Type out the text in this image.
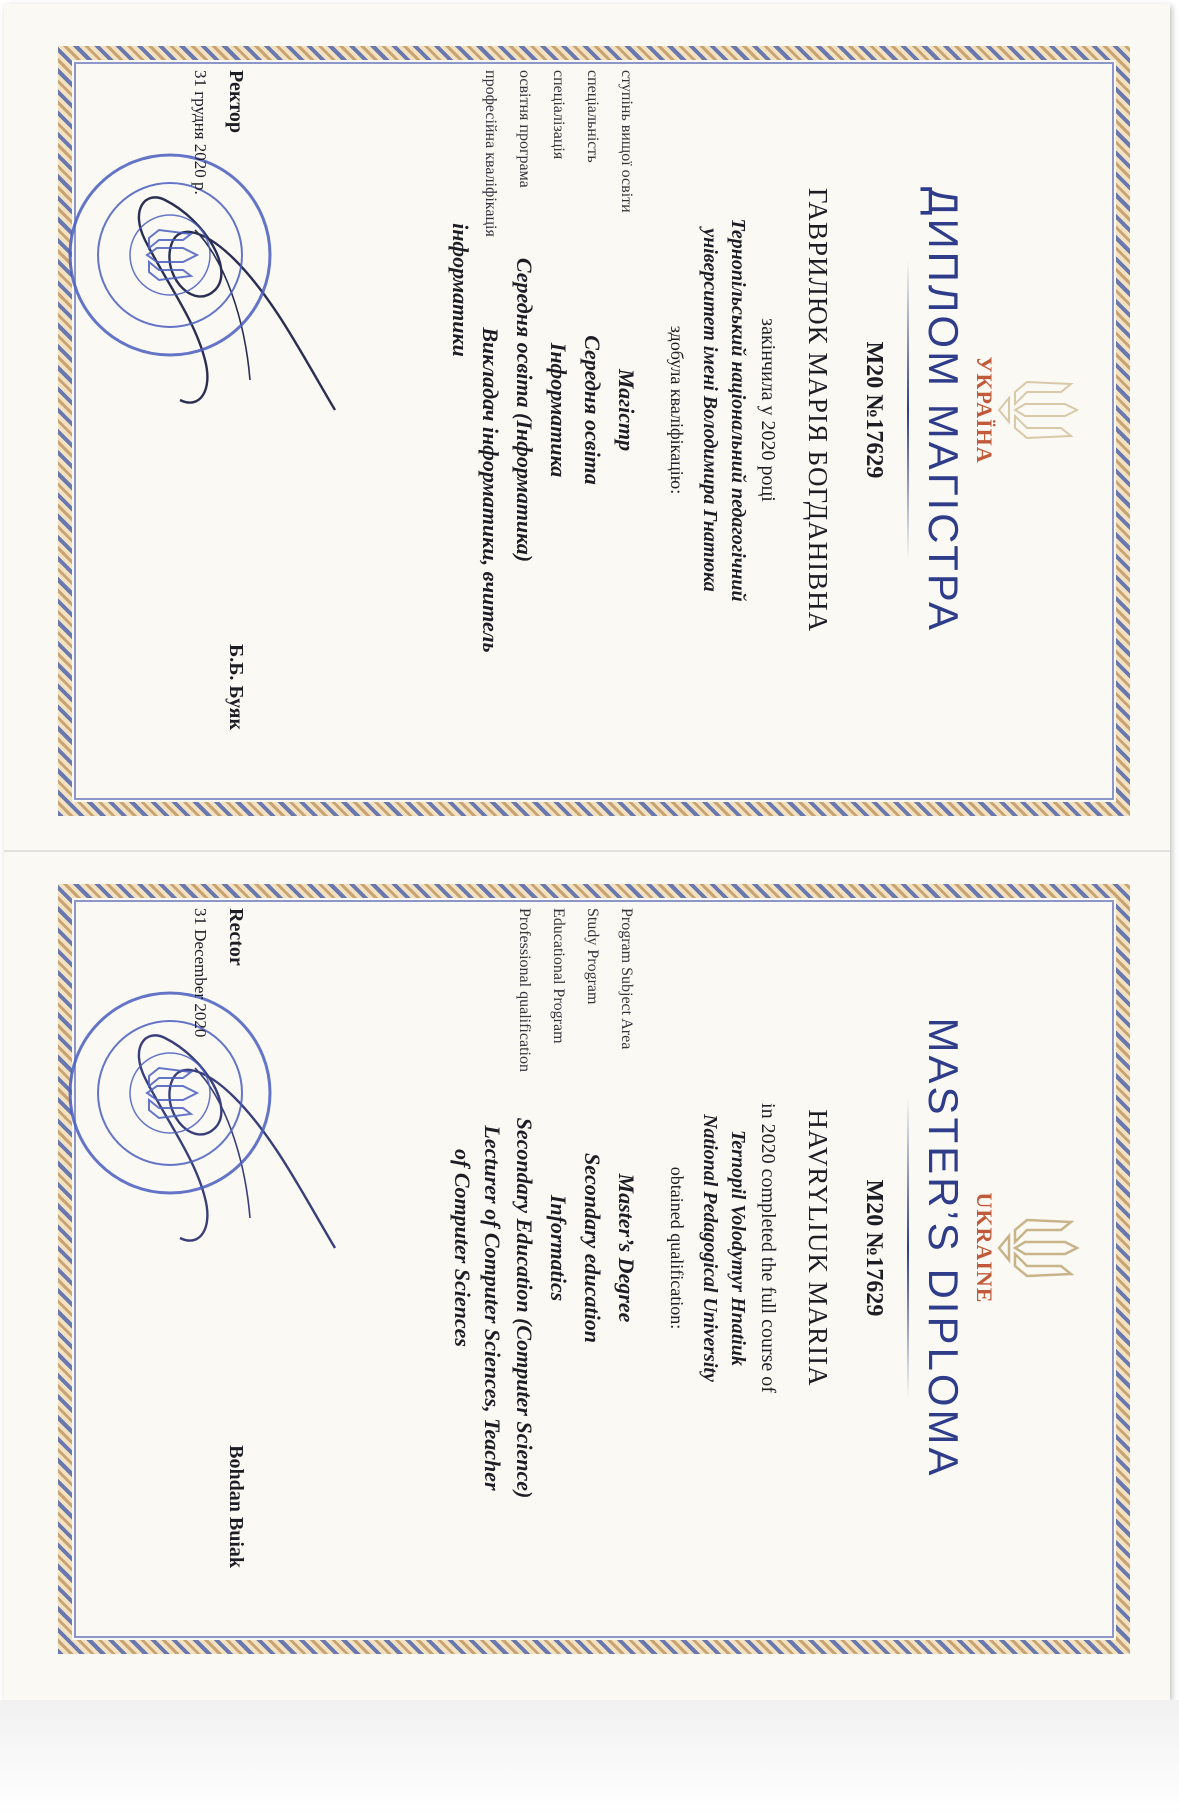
УКРАЇНА
ДИПЛОМ МАГІСТРА
M20 №17629
ГАВРИЛЮК МАРІЯ БОГДАНІВНА
закінчила у 2020 році
Тернопільський національний педагогічний
університет імені Володимира Гнатюка
здобула кваліфікацію:
ступінь вищої освіти
Магістр
спеціальність
Середня освіта
спеціалізація
Інформатика
освітня програма
Середня освіта (Інформатика)
професійна кваліфікація
Викладач інформатики, вчитель
інформатики
Ректор
Б.Б. Буяк
31 грудня 2020 р.
UKRAINE
MASTER’S DIPLOMA
M20 №17629
HAVRYLIUK MARIIA
in 2020 completed the full course of
Ternopil Volodymyr Hnatiuk
National Pedagogical University
obtained qualification:
Program Subject Area
Master’s Degree
Study Program
Secondary education
Educational Program
Informatics
Professional qualification
Secondary Education (Computer Science)
Lecturer of Computer Sciences, Teacher
of Computer Sciences
Rector
Bohdan Buiak
31 December 2020
